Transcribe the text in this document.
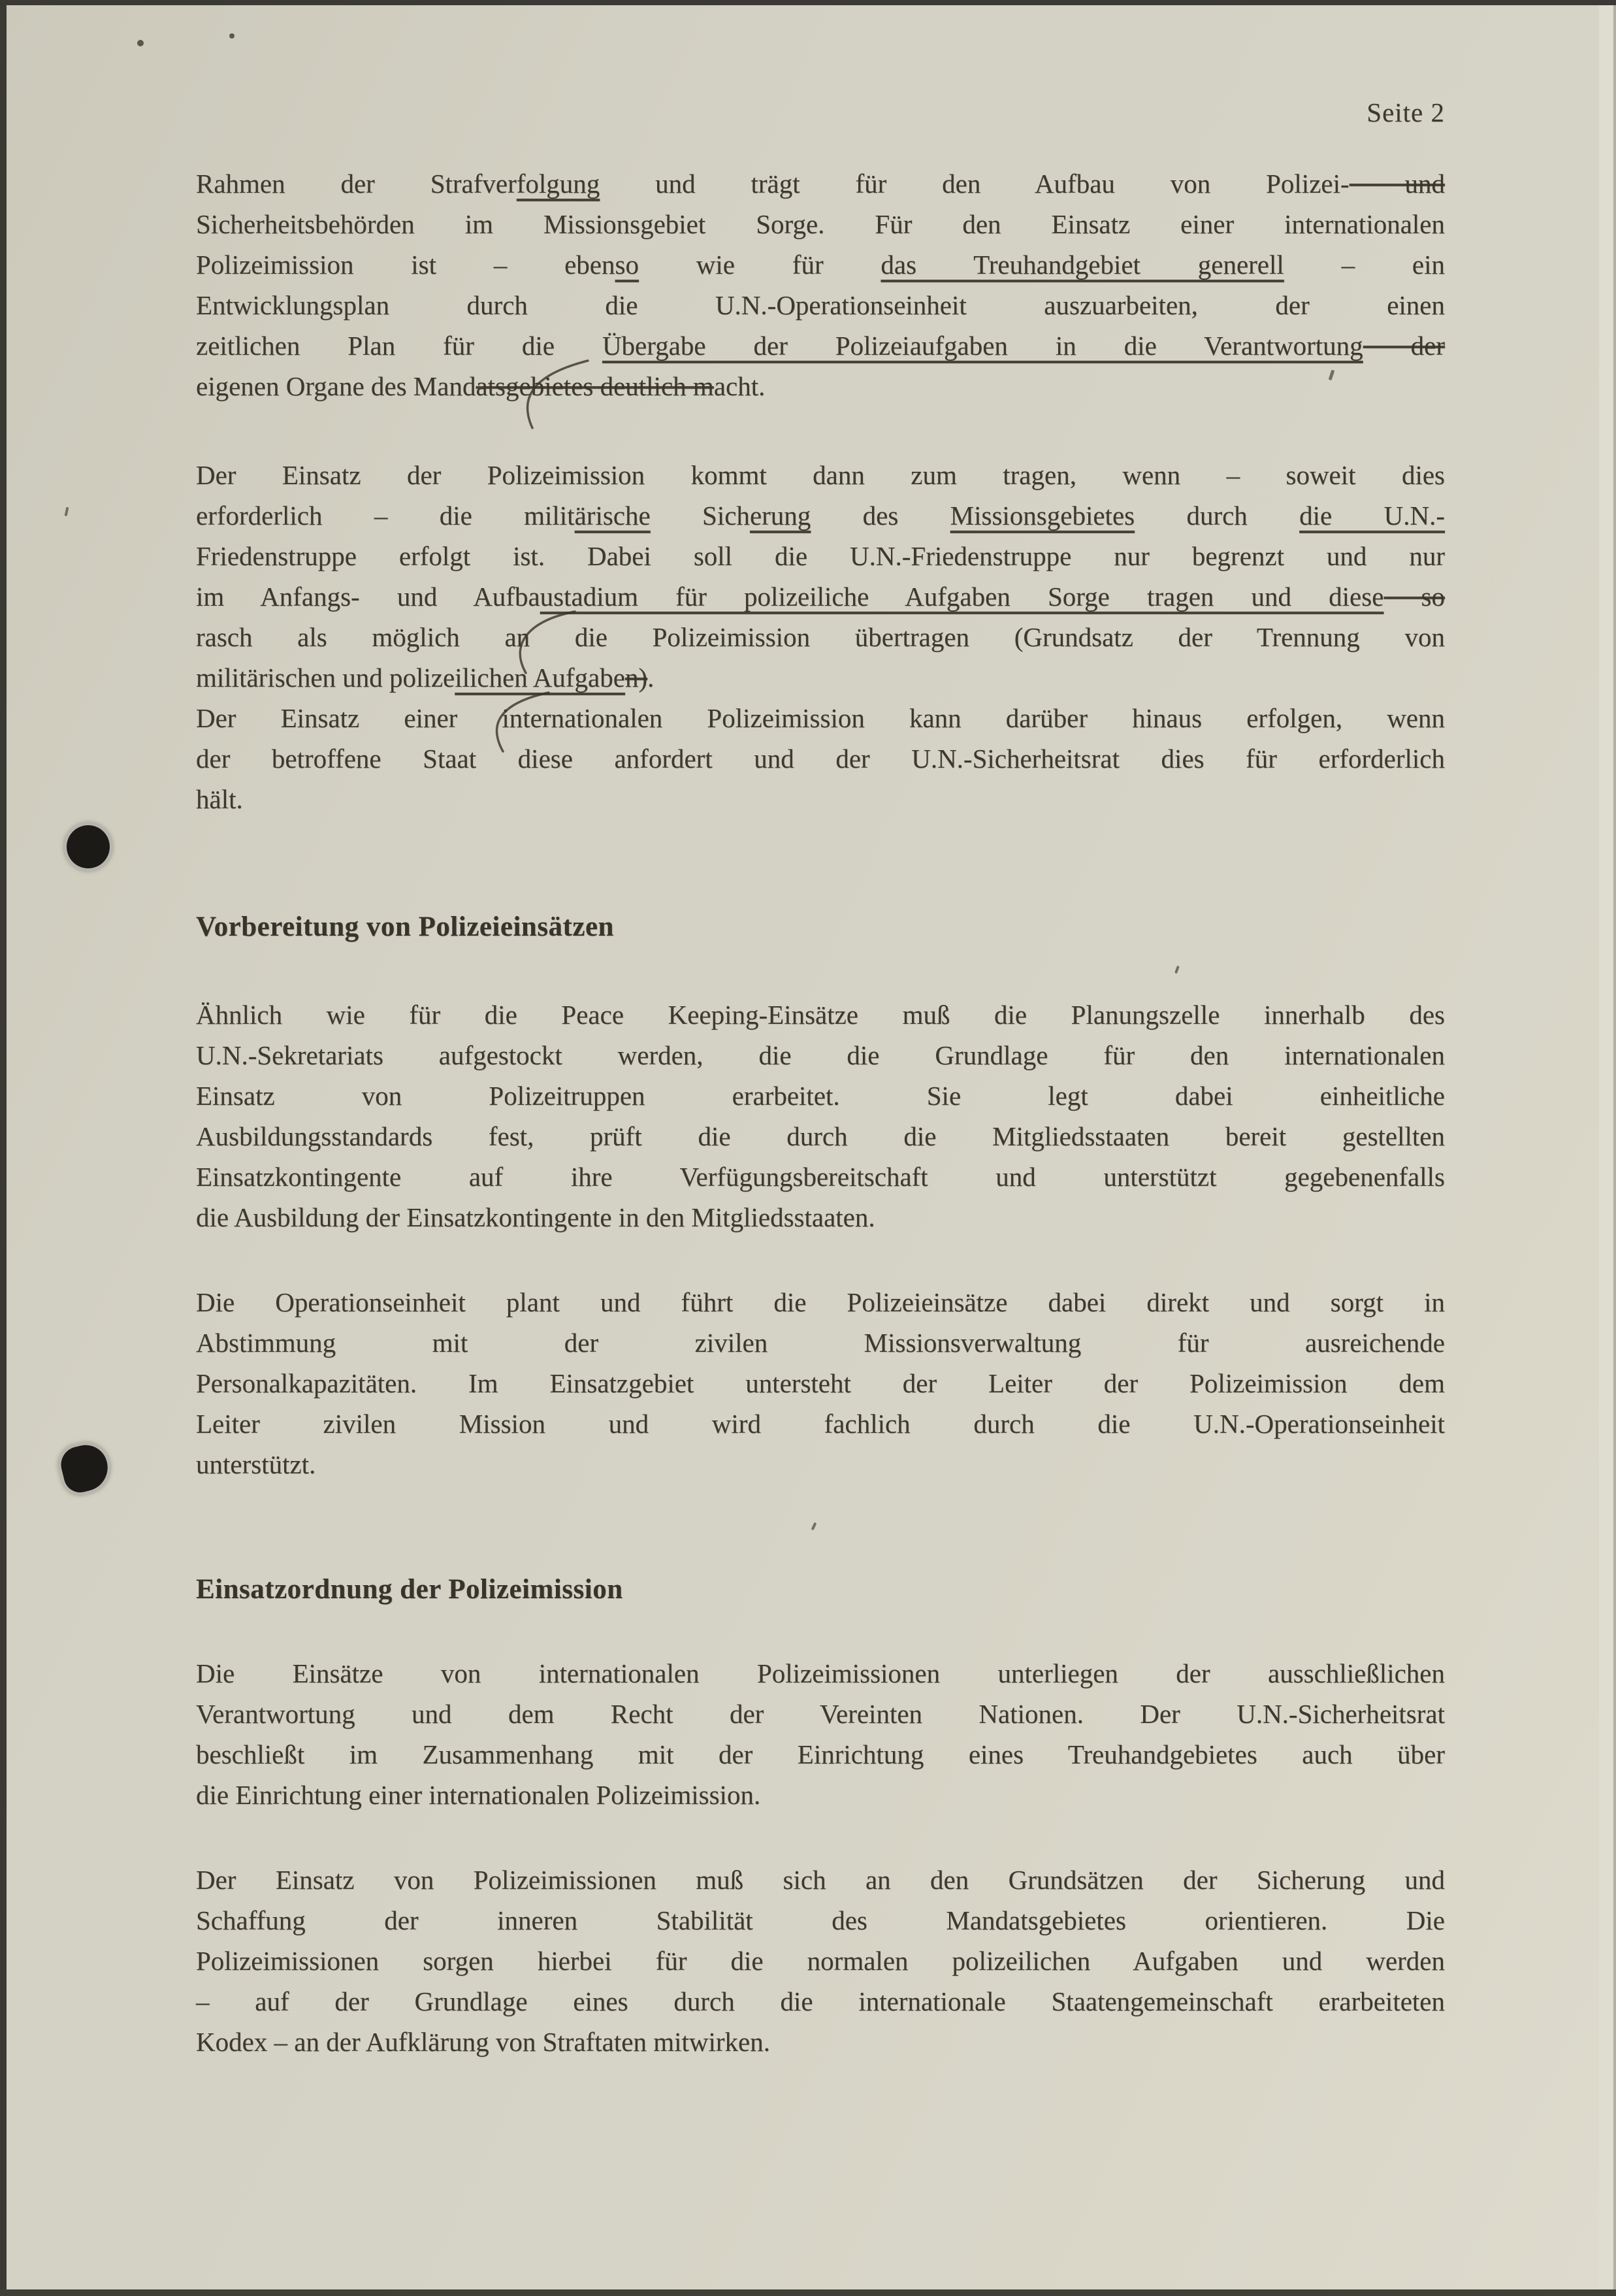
Seite 2
Rahmen der Strafverfolgung und trägt für den Aufbau von Polizei- und
Sicherheitsbehörden im Missionsgebiet Sorge. Für den Einsatz einer internationalen
Polizeimission ist – ebenso wie für das Treuhandgebiet generell – ein
Entwicklungsplan durch die U.N.-Operationseinheit auszuarbeiten, der einen
zeitlichen Plan für die Übergabe der Polizeiaufgaben in die Verantwortung der
eigenen Organe des Mandatsgebietes deutlich macht.
Der Einsatz der Polizeimission kommt dann zum tragen, wenn – soweit dies
erforderlich – die militärische Sicherung des Missionsgebietes durch die U.N.-
Friedenstruppe erfolgt ist. Dabei soll die U.N.-Friedenstruppe nur begrenzt und nur
im Anfangs- und Aufbaustadium für polizeiliche Aufgaben Sorge tragen und diese so
rasch als möglich an die Polizeimission übertragen (Grundsatz der Trennung von
militärischen und polizeilichen Aufgaben).
Der Einsatz einer internationalen Polizeimission kann darüber hinaus erfolgen, wenn
der betroffene Staat diese anfordert und der U.N.-Sicherheitsrat dies für erforderlich
hält.
Vorbereitung von Polizeieinsätzen
Ähnlich wie für die Peace Keeping-Einsätze muß die Planungszelle innerhalb des
U.N.-Sekretariats aufgestockt werden, die die Grundlage für den internationalen
Einsatz von Polizeitruppen erarbeitet. Sie legt dabei einheitliche
Ausbildungsstandards fest, prüft die durch die Mitgliedsstaaten bereit gestellten
Einsatzkontingente auf ihre Verfügungsbereitschaft und unterstützt gegebenenfalls
die Ausbildung der Einsatzkontingente in den Mitgliedsstaaten.
Die Operationseinheit plant und führt die Polizeieinsätze dabei direkt und sorgt in
Abstimmung mit der zivilen Missionsverwaltung für ausreichende
Personalkapazitäten. Im Einsatzgebiet untersteht der Leiter der Polizeimission dem
Leiter zivilen Mission und wird fachlich durch die U.N.-Operationseinheit
unterstützt.
Einsatzordnung der Polizeimission
Die Einsätze von internationalen Polizeimissionen unterliegen der ausschließlichen
Verantwortung und dem Recht der Vereinten Nationen. Der U.N.-Sicherheitsrat
beschließt im Zusammenhang mit der Einrichtung eines Treuhandgebietes auch über
die Einrichtung einer internationalen Polizeimission.
Der Einsatz von Polizeimissionen muß sich an den Grundsätzen der Sicherung und
Schaffung der inneren Stabilität des Mandatsgebietes orientieren. Die
Polizeimissionen sorgen hierbei für die normalen polizeilichen Aufgaben und werden
– auf der Grundlage eines durch die internationale Staatengemeinschaft erarbeiteten
Kodex – an der Aufklärung von Straftaten mitwirken.
